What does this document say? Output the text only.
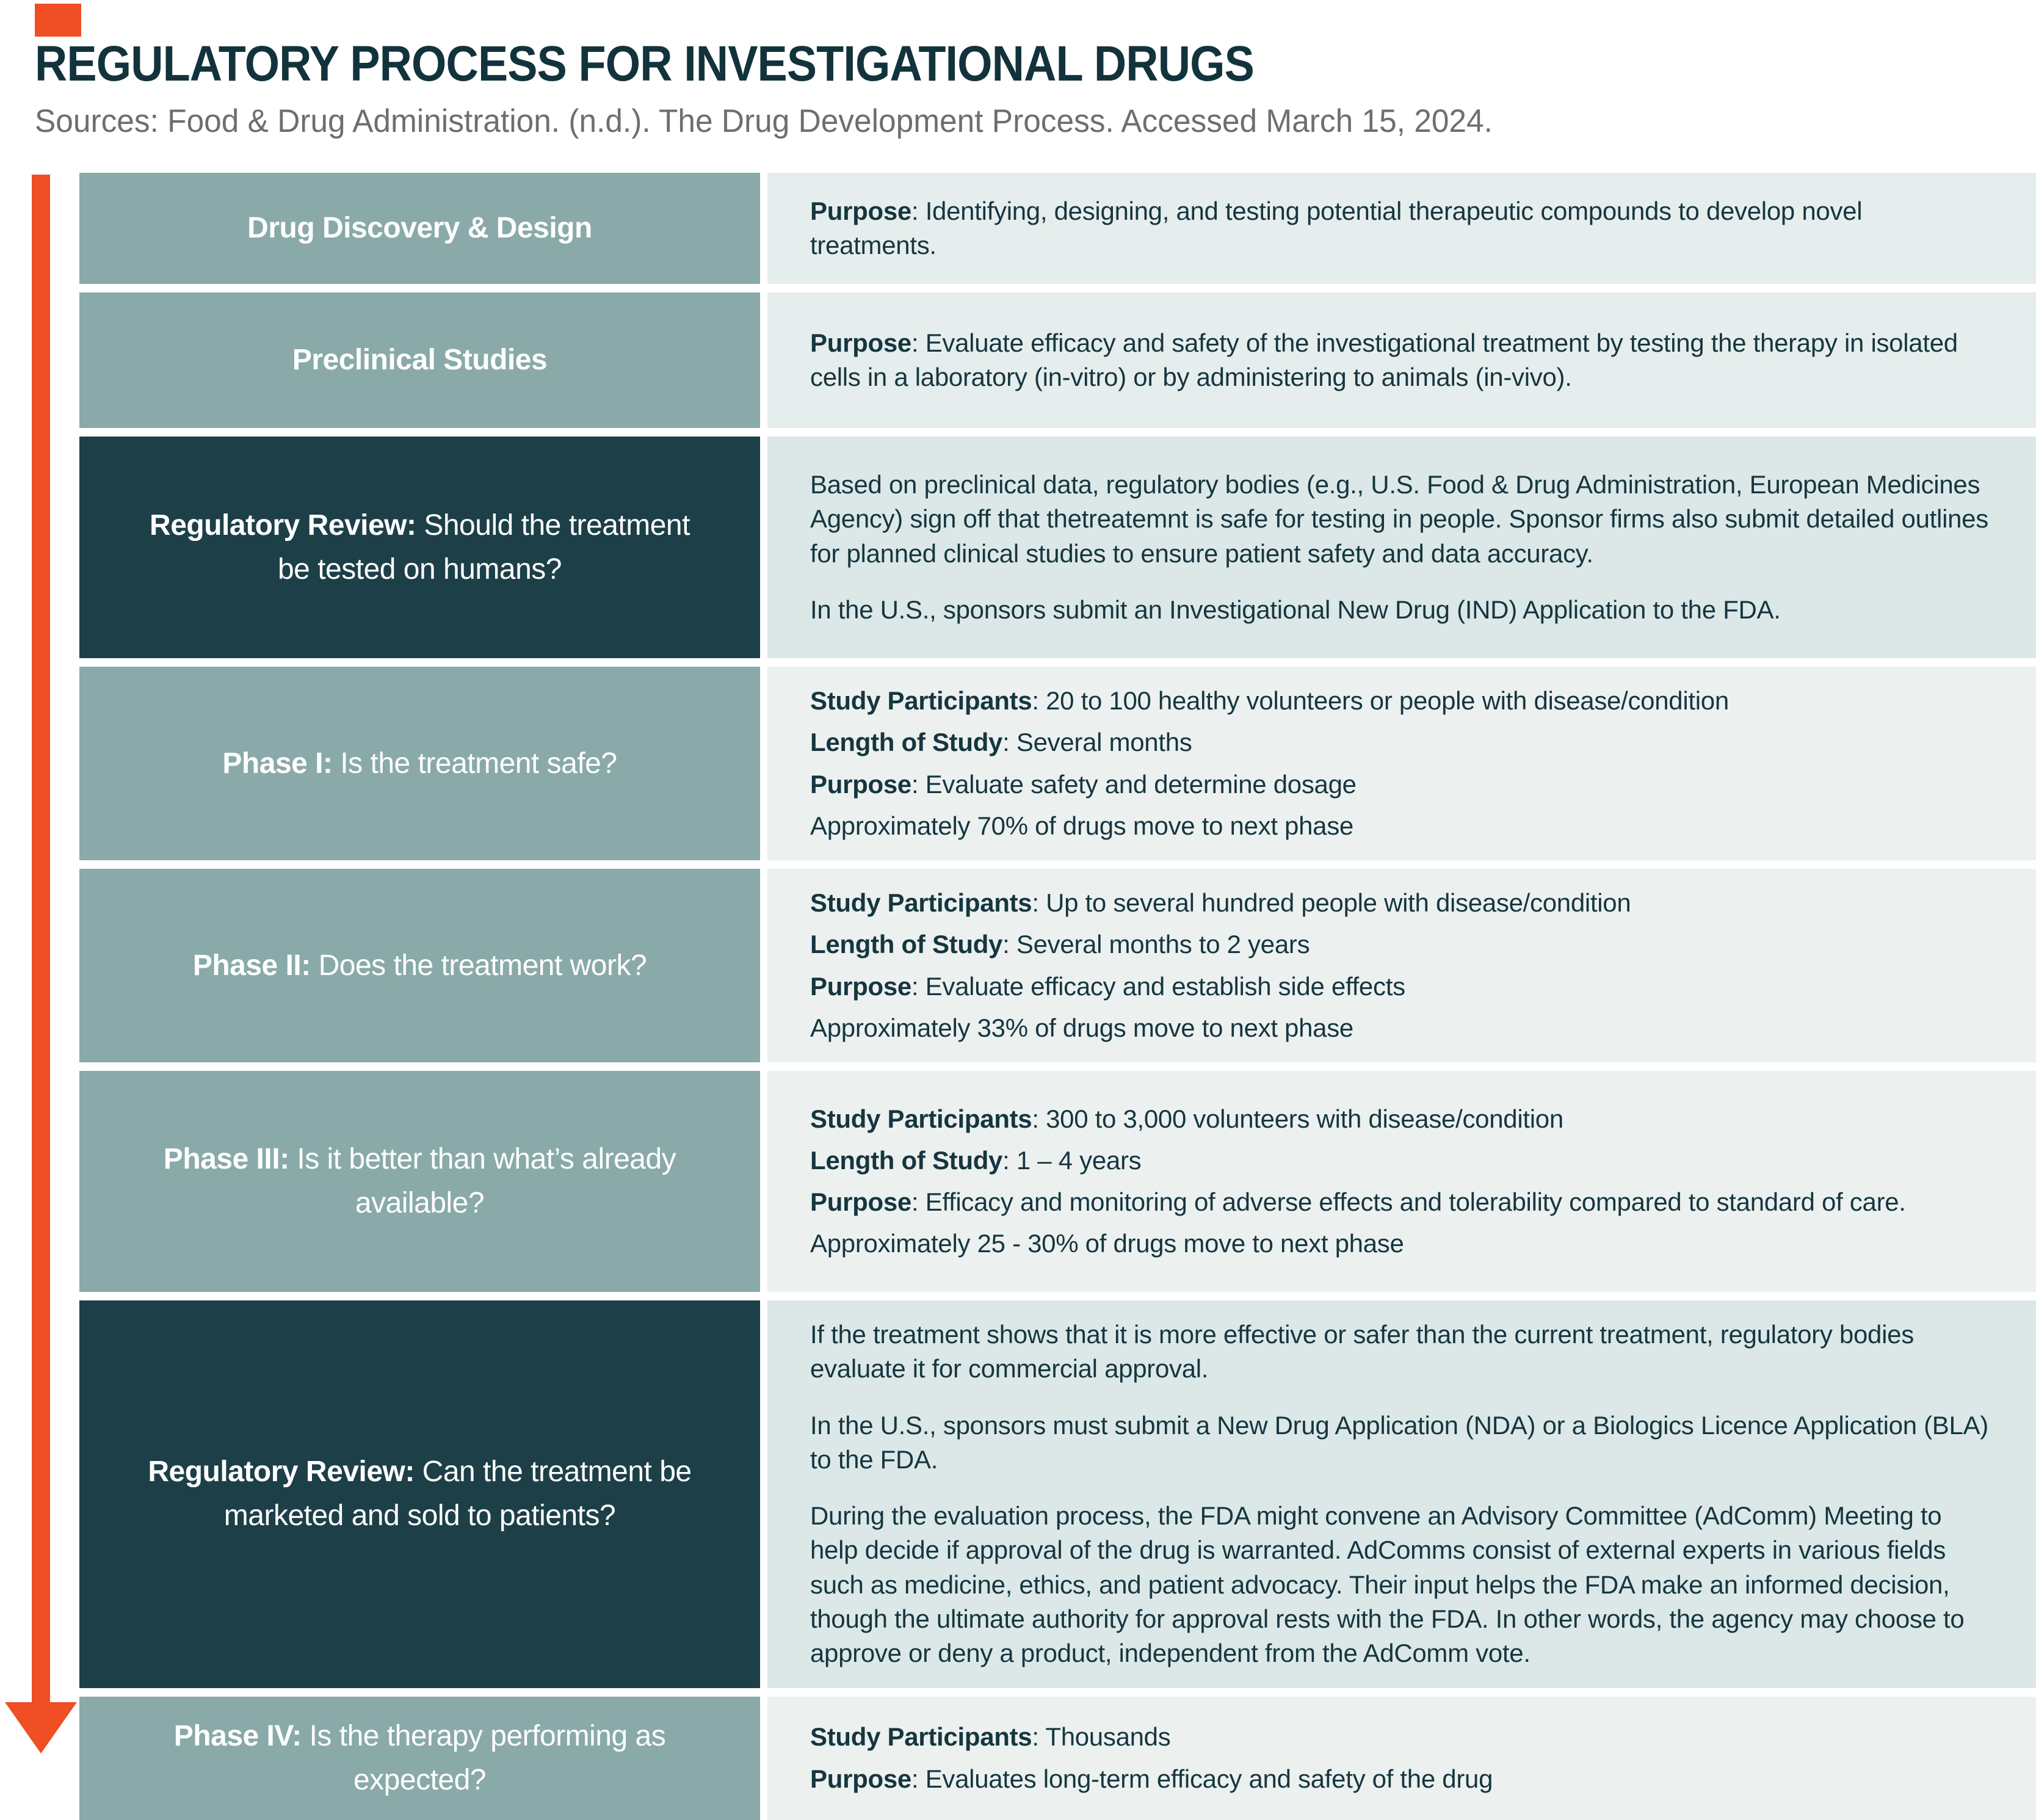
REGULATORY PROCESS FOR INVESTIGATIONAL DRUGS

Sources: Food & Drug Administration. (n.d.). The Drug Development Process. Accessed March 15, 2024.

Drug Discovery & Design

Purpose: Identifying, designing, and testing potential therapeutic compounds to develop novel treatments.

Preclinical Studies

Purpose: Evaluate efficacy and safety of the investigational treatment by testing the therapy in isolated cells in a laboratory (in-vitro) or by administering to animals (in-vivo).

Regulatory Review: Should the treatment be tested on humans?

Based on preclinical data, regulatory bodies (e.g., U.S. Food & Drug Administration, European Medicines Agency) sign off that thetreatemnt is safe for testing in people. Sponsor firms also submit detailed outlines for planned clinical studies to ensure patient safety and data accuracy.

In the U.S., sponsors submit an Investigational New Drug (IND) Application to the FDA.

Phase I: Is the treatment safe?

Study Participants: 20 to 100 healthy volunteers or people with disease/condition

Length of Study: Several months

Purpose: Evaluate safety and determine dosage

Approximately 70% of drugs move to next phase

Phase II: Does the treatment work?

Study Participants: Up to several hundred people with disease/condition

Length of Study: Several months to 2 years

Purpose: Evaluate efficacy and establish side effects

Approximately 33% of drugs move to next phase

Phase III: Is it better than what’s already available?

Study Participants: 300 to 3,000 volunteers with disease/condition

Length of Study: 1 – 4 years

Purpose: Efficacy and monitoring of adverse effects and tolerability compared to standard of care.

Approximately 25 - 30% of drugs move to next phase

Regulatory Review: Can the treatment be marketed and sold to patients?

If the treatment shows that it is more effective or safer than the current treatment, regulatory bodies evaluate it for commercial approval.

In the U.S., sponsors must submit a New Drug Application (NDA) or a Biologics Licence Application (BLA) to the FDA.

During the evaluation process, the FDA might convene an Advisory Committee (AdComm) Meeting to help decide if approval of the drug is warranted. AdComms consist of external experts in various fields such as medicine, ethics, and patient advocacy. Their input helps the FDA make an informed decision, though the ultimate authority for approval rests with the FDA. In other words, the agency may choose to approve or deny a product, independent from the AdComm vote.

Phase IV: Is the therapy performing as expected?

Study Participants: Thousands

Purpose: Evaluates long-term efficacy and safety of the drug
